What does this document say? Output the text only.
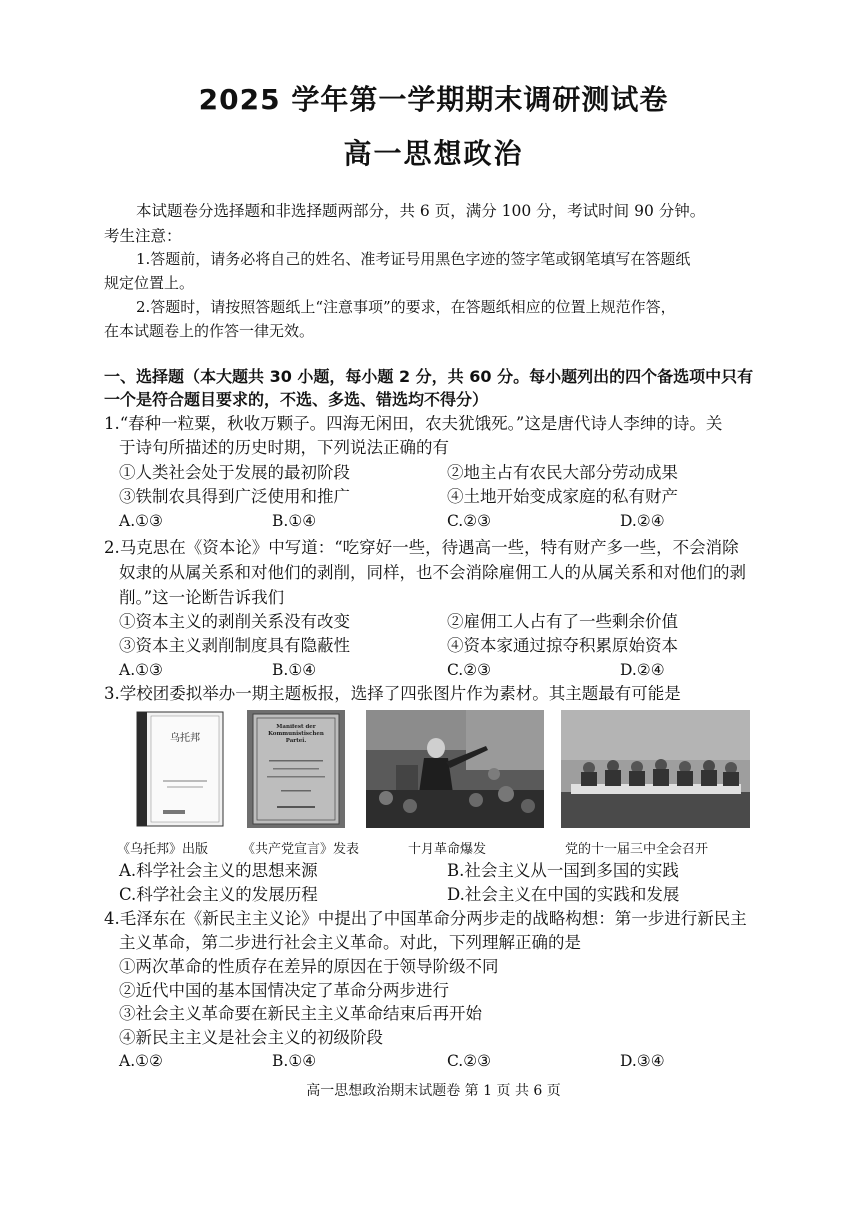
2025 学年第一学期期末调研测试卷
高一思想政治
本试题卷分选择题和非选择题两部分，共 6 页，满分 100 分，考试时间 90 分钟。
考生注意：
1.答题前，请务必将自己的姓名、准考证号用黑色字迹的签字笔或钢笔填写在答题纸
规定位置上。
2.答题时，请按照答题纸上“注意事项”的要求，在答题纸相应的位置上规范作答，
在本试题卷上的作答一律无效。
一、选择题（本大题共 30 小题，每小题 2 分，共 60 分。每小题列出的四个备选项中只有
一个是符合题目要求的，不选、多选、错选均不得分）
1.“春种一粒粟，秋收万颗子。四海无闲田，农夫犹饿死。”这是唐代诗人李绅的诗。关
于诗句所描述的历史时期，下列说法正确的有
①人类社会处于发展的最初阶段	②地主占有农民大部分劳动成果
③铁制农具得到广泛使用和推广	④土地开始变成家庭的私有财产
A.①③	B.①④	C.②③	D.②④
2.马克思在《资本论》中写道：“吃穿好一些，待遇高一些，特有财产多一些，不会消除
奴隶的从属关系和对他们的剥削，同样，也不会消除雇佣工人的从属关系和对他们的剥
削。”这一论断告诉我们
①资本主义的剥削关系没有改变	②雇佣工人占有了一些剩余价值
③资本主义剥削制度具有隐蔽性	④资本家通过掠夺积累原始资本
A.①③	B.①④	C.②③	D.②④
3.学校团委拟举办一期主题板报，选择了四张图片作为素材。其主题最有可能是
乌托邦
Manifest der Kommunistischen Partei.
《乌托邦》出版	《共产党宣言》发表	十月革命爆发	党的十一届三中全会召开
A.科学社会主义的思想来源	B.社会主义从一国到多国的实践
C.科学社会主义的发展历程	D.社会主义在中国的实践和发展
4.毛泽东在《新民主主义论》中提出了中国革命分两步走的战略构想：第一步进行新民主
主义革命，第二步进行社会主义革命。对此，下列理解正确的是
①两次革命的性质存在差异的原因在于领导阶级不同
②近代中国的基本国情决定了革命分两步进行
③社会主义革命要在新民主主义革命结束后再开始
④新民主主义是社会主义的初级阶段
A.①②	B.①④	C.②③	D.③④
高一思想政治期末试题卷 第 1 页 共 6 页
